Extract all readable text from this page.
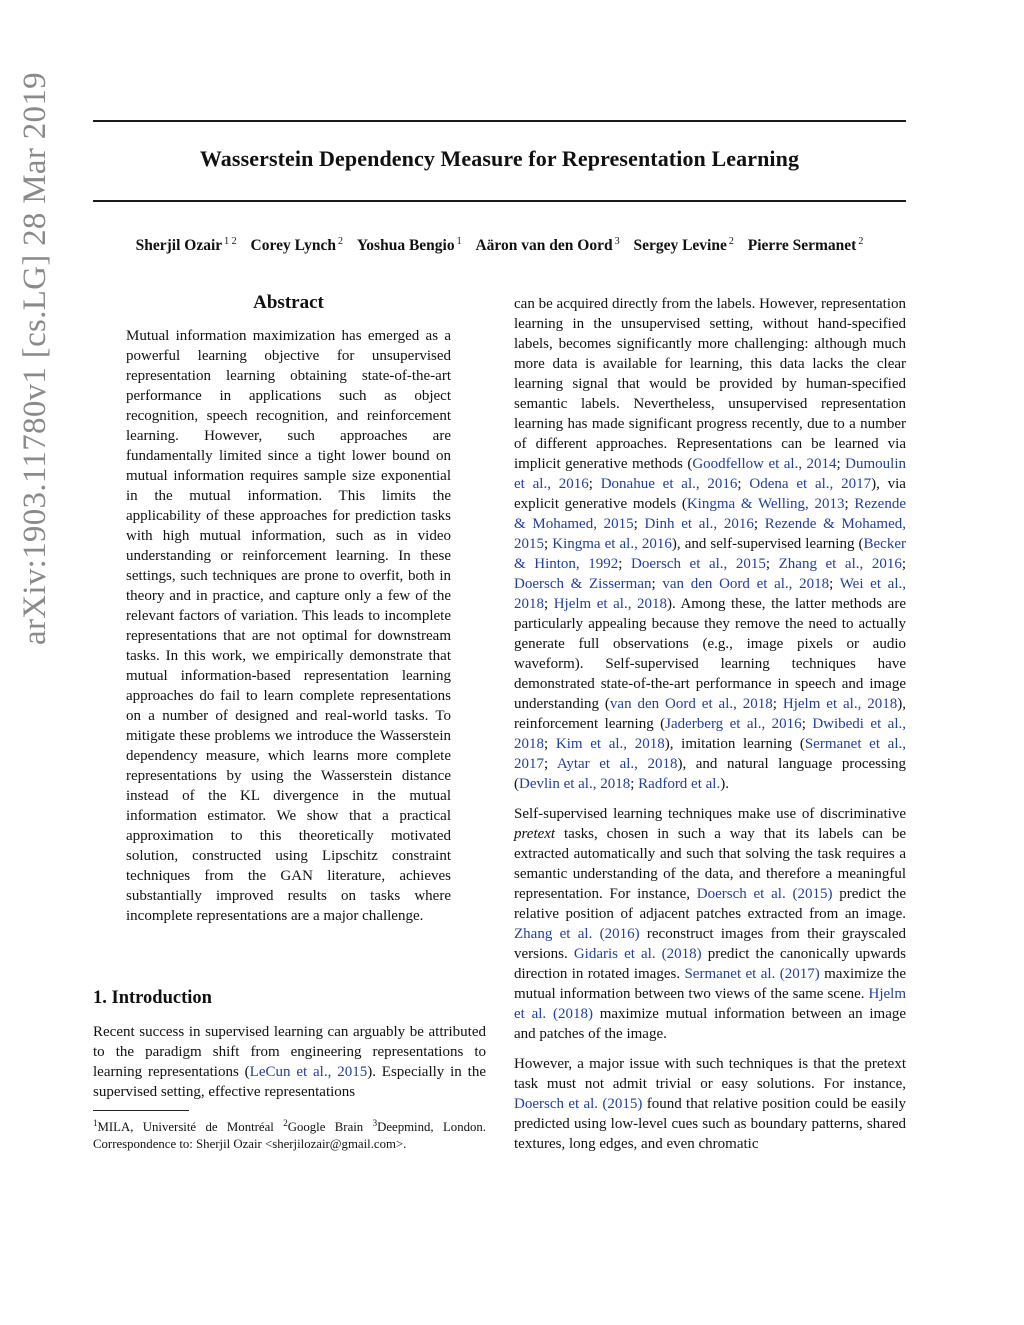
Wasserstein Dependency Measure for Representation Learning
Sherjil Ozair $^{1 2}$ Corey Lynch $^2$ Yoshua Bengio $^1$ Aäron van den Oord $^3$ Sergey Levine $^2$ Pierre Sermanet $^2$
arXiv:1903.11780v1 [cs.LG] 28 Mar 2019	Abstract
Mutual information maximization has emerged as a powerful learning objective for unsupervised representation learning obtaining state-of-the-art performance in applications such as object recognition, speech recognition, and reinforcement learning. However, such approaches are fundamentally limited since a tight lower bound on mutual information requires sample size exponential in the mutual information. This limits the applicability of these approaches for prediction tasks with high mutual information, such as in video understanding or reinforcement learning. In these settings, such techniques are prone to overfit, both in theory and in practice, and capture only a few of the relevant factors of variation. This leads to incomplete representations that are not optimal for downstream tasks. In this work, we empirically demonstrate that mutual information-based representation learning approaches do fail to learn complete representations on a number of designed and real-world tasks. To mitigate these problems we introduce the Wasserstein dependency measure, which learns more complete representations by using the Wasserstein distance instead of the KL divergence in the mutual information estimator. We show that a practical approximation to this theoretically motivated solution, constructed using Lipschitz constraint techniques from the GAN literature, achieves substantially improved results on tasks where incomplete representations are a major challenge.
1. Introduction
Recent success in supervised learning can arguably be attributed to the paradigm shift from engineering representations to learning representations (LeCun et al., 2015). Especially in the supervised setting, effective representations
$^1$MILA, Université de Montréal $^2$Google Brain $^3$Deepmind, London. Correspondence to: Sherjil Ozair <sherjilozair@gmail.com>.

can be acquired directly from the labels. However, representation learning in the unsupervised setting, without hand-specified labels, becomes significantly more challenging: although much more data is available for learning, this data lacks the clear learning signal that would be provided by human-specified semantic labels. Nevertheless, unsupervised representation learning has made significant progress recently, due to a number of different approaches. Representations can be learned via implicit generative methods (Goodfellow et al., 2014; Dumoulin et al., 2016; Donahue et al., 2016; Odena et al., 2017), via explicit generative models (Kingma & Welling, 2013; Rezende & Mohamed, 2015; Dinh et al., 2016; Rezende & Mohamed, 2015; Kingma et al., 2016), and self-supervised learning (Becker & Hinton, 1992; Doersch et al., 2015; Zhang et al., 2016; Doersch & Zisserman; van den Oord et al., 2018; Wei et al., 2018; Hjelm et al., 2018). Among these, the latter methods are particularly appealing because they remove the need to actually generate full observations (e.g., image pixels or audio waveform). Self-supervised learning techniques have demonstrated state-of-the-art performance in speech and image understanding (van den Oord et al., 2018; Hjelm et al., 2018), reinforcement learning (Jaderberg et al., 2016; Dwibedi et al., 2018; Kim et al., 2018), imitation learning (Sermanet et al., 2017; Aytar et al., 2018), and natural language processing (Devlin et al., 2018; Radford et al.).

Self-supervised learning techniques make use of discriminative pretext tasks, chosen in such a way that its labels can be extracted automatically and such that solving the task requires a semantic understanding of the data, and therefore a meaningful representation. For instance, Doersch et al. (2015) predict the relative position of adjacent patches extracted from an image. Zhang et al. (2016) reconstruct images from their grayscaled versions. Gidaris et al. (2018) predict the canonically upwards direction in rotated images. Sermanet et al. (2017) maximize the mutual information between two views of the same scene. Hjelm et al. (2018) maximize mutual information between an image and patches of the image.

However, a major issue with such techniques is that the pretext task must not admit trivial or easy solutions. For instance, Doersch et al. (2015) found that relative position could be easily predicted using low-level cues such as boundary patterns, shared textures, long edges, and even chromatic
